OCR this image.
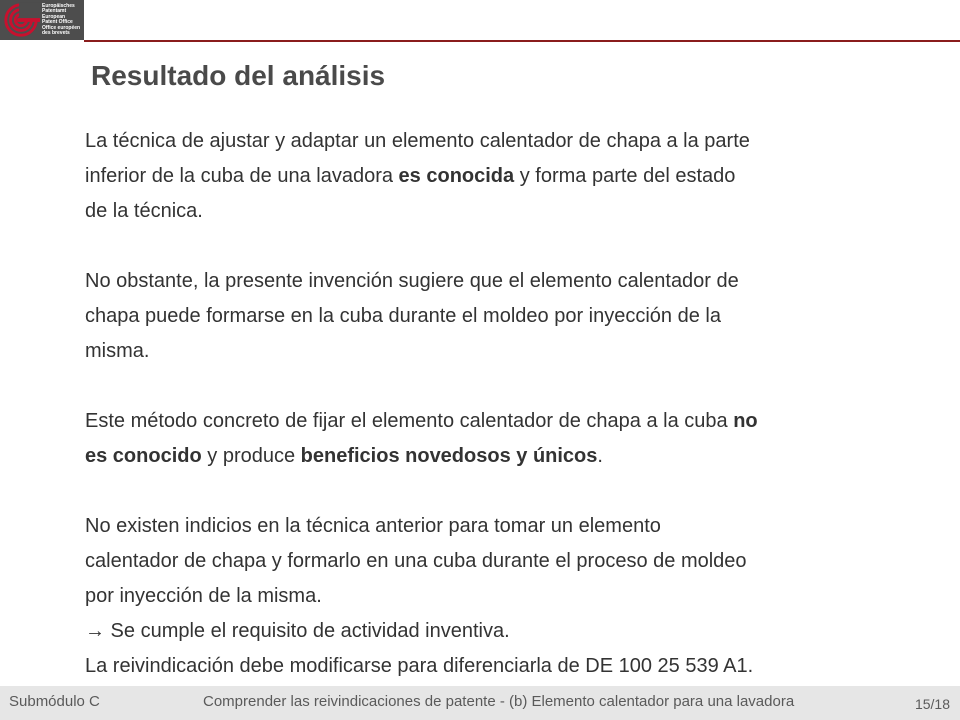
Europäisches
Patentamt
European
Patent Office
Office européen
des brevets
Resultado del análisis
La técnica de ajustar y adaptar un elemento calentador de chapa a la parte
inferior de la cuba de una lavadora es conocida y forma parte del estado
de la técnica.
No obstante, la presente invención sugiere que el elemento calentador de
chapa puede formarse en la cuba durante el moldeo por inyección de la
misma.
Este método concreto de fijar el elemento calentador de chapa a la cuba no
es conocido y produce beneficios novedosos y únicos.
No existen indicios en la técnica anterior para tomar un elemento
calentador de chapa y formarlo en una cuba durante el proceso de moldeo
por inyección de la misma.
→ Se cumple el requisito de actividad inventiva.
La reivindicación debe modificarse para diferenciarla de DE 100 25 539 A1.
Submódulo C	Comprender las reivindicaciones de patente - (b) Elemento calentador para una lavadora	15/18
